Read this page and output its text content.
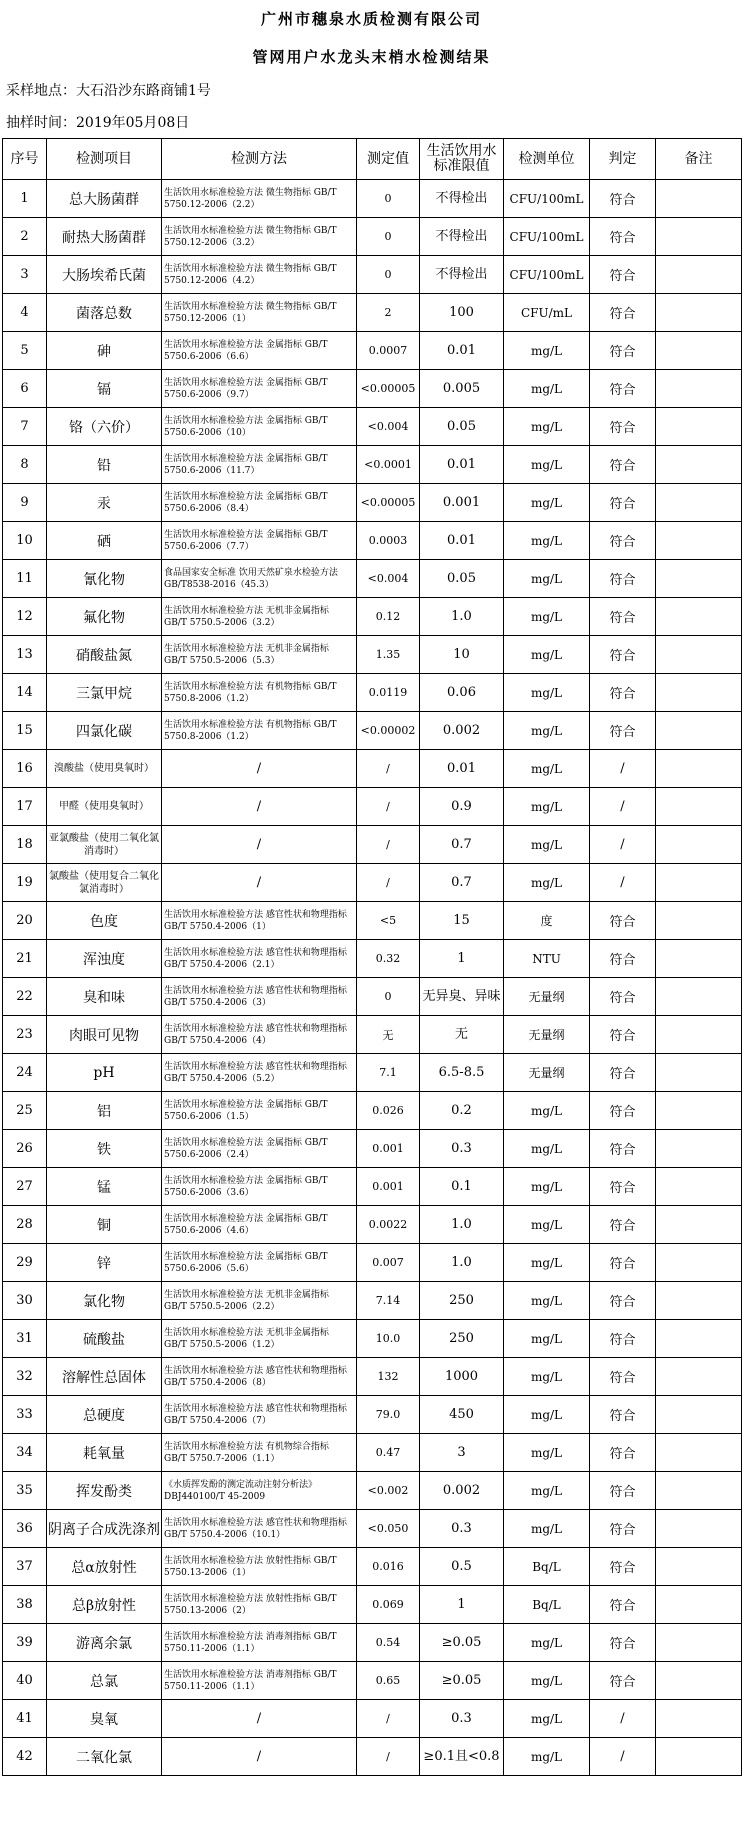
广州市穗泉水质检测有限公司
管网用户水龙头末梢水检测结果
采样地点：大石沿沙东路商铺1号
抽样时间：2019年05月08日
序号	检测项目	检测方法	测定值	生活饮用水标准限值	检测单位	判定	备注
1	总大肠菌群	生活饮用水标准检验方法 微生物指标 GB/T 5750.12-2006（2.2）	0	不得检出	CFU/100mL	符合	
2	耐热大肠菌群	生活饮用水标准检验方法 微生物指标 GB/T 5750.12-2006（3.2）	0	不得检出	CFU/100mL	符合	
3	大肠埃希氏菌	生活饮用水标准检验方法 微生物指标 GB/T 5750.12-2006（4.2）	0	不得检出	CFU/100mL	符合	
4	菌落总数	生活饮用水标准检验方法 微生物指标 GB/T 5750.12-2006（1）	2	100	CFU/mL	符合	
5	砷	生活饮用水标准检验方法 金属指标 GB/T 5750.6-2006（6.6）	0.0007	0.01	mg/L	符合	
6	镉	生活饮用水标准检验方法 金属指标 GB/T 5750.6-2006（9.7）	<0.00005	0.005	mg/L	符合	
7	铬（六价）	生活饮用水标准检验方法 金属指标 GB/T 5750.6-2006（10）	<0.004	0.05	mg/L	符合	
8	铅	生活饮用水标准检验方法 金属指标 GB/T 5750.6-2006（11.7）	<0.0001	0.01	mg/L	符合	
9	汞	生活饮用水标准检验方法 金属指标 GB/T 5750.6-2006（8.4）	<0.00005	0.001	mg/L	符合	
10	硒	生活饮用水标准检验方法 金属指标 GB/T 5750.6-2006（7.7）	0.0003	0.01	mg/L	符合	
11	氰化物	食品国家安全标准 饮用天然矿泉水检验方法 GB/T8538-2016（45.3）	<0.004	0.05	mg/L	符合	
12	氟化物	生活饮用水标准检验方法 无机非金属指标 GB/T 5750.5-2006（3.2）	0.12	1.0	mg/L	符合	
13	硝酸盐氮	生活饮用水标准检验方法 无机非金属指标 GB/T 5750.5-2006（5.3）	1.35	10	mg/L	符合	
14	三氯甲烷	生活饮用水标准检验方法 有机物指标 GB/T 5750.8-2006（1.2）	0.0119	0.06	mg/L	符合	
15	四氯化碳	生活饮用水标准检验方法 有机物指标 GB/T 5750.8-2006（1.2）	<0.00002	0.002	mg/L	符合	
16	溴酸盐（使用臭氧时）	/	/	0.01	mg/L	/	
17	甲醛（使用臭氧时）	/	/	0.9	mg/L	/	
18	亚氯酸盐（使用二氧化氯消毒时）	/	/	0.7	mg/L	/	
19	氯酸盐（使用复合二氧化氯消毒时）	/	/	0.7	mg/L	/	
20	色度	生活饮用水标准检验方法 感官性状和物理指标 GB/T 5750.4-2006（1）	<5	15	度	符合	
21	浑浊度	生活饮用水标准检验方法 感官性状和物理指标 GB/T 5750.4-2006（2.1）	0.32	1	NTU	符合	
22	臭和味	生活饮用水标准检验方法 感官性状和物理指标 GB/T 5750.4-2006（3）	0	无异臭、异味	无量纲	符合	
23	肉眼可见物	生活饮用水标准检验方法 感官性状和物理指标 GB/T 5750.4-2006（4）	无	无	无量纲	符合	
24	pH	生活饮用水标准检验方法 感官性状和物理指标 GB/T 5750.4-2006（5.2）	7.1	6.5-8.5	无量纲	符合	
25	铝	生活饮用水标准检验方法 金属指标 GB/T 5750.6-2006（1.5）	0.026	0.2	mg/L	符合	
26	铁	生活饮用水标准检验方法 金属指标 GB/T 5750.6-2006（2.4）	0.001	0.3	mg/L	符合	
27	锰	生活饮用水标准检验方法 金属指标 GB/T 5750.6-2006（3.6）	0.001	0.1	mg/L	符合	
28	铜	生活饮用水标准检验方法 金属指标 GB/T 5750.6-2006（4.6）	0.0022	1.0	mg/L	符合	
29	锌	生活饮用水标准检验方法 金属指标 GB/T 5750.6-2006（5.6）	0.007	1.0	mg/L	符合	
30	氯化物	生活饮用水标准检验方法 无机非金属指标 GB/T 5750.5-2006（2.2）	7.14	250	mg/L	符合	
31	硫酸盐	生活饮用水标准检验方法 无机非金属指标 GB/T 5750.5-2006（1.2）	10.0	250	mg/L	符合	
32	溶解性总固体	生活饮用水标准检验方法 感官性状和物理指标 GB/T 5750.4-2006（8）	132	1000	mg/L	符合	
33	总硬度	生活饮用水标准检验方法 感官性状和物理指标 GB/T 5750.4-2006（7）	79.0	450	mg/L	符合	
34	耗氧量	生活饮用水标准检验方法 有机物综合指标 GB/T 5750.7-2006（1.1）	0.47	3	mg/L	符合	
35	挥发酚类	《水质挥发酚的测定流动注射分析法》DBJ440100/T 45-2009	<0.002	0.002	mg/L	符合	
36	阴离子合成洗涤剂	生活饮用水标准检验方法 感官性状和物理指标 GB/T 5750.4-2006（10.1）	<0.050	0.3	mg/L	符合	
37	总α放射性	生活饮用水标准检验方法 放射性指标 GB/T 5750.13-2006（1）	0.016	0.5	Bq/L	符合	
38	总β放射性	生活饮用水标准检验方法 放射性指标 GB/T 5750.13-2006（2）	0.069	1	Bq/L	符合	
39	游离余氯	生活饮用水标准检验方法 消毒剂指标 GB/T 5750.11-2006（1.1）	0.54	≥0.05	mg/L	符合	
40	总氯	生活饮用水标准检验方法 消毒剂指标 GB/T 5750.11-2006（1.1）	0.65	≥0.05	mg/L	符合	
41	臭氧	/	/	0.3	mg/L	/	
42	二氧化氯	/	/	≥0.1且<0.8	mg/L	/	
